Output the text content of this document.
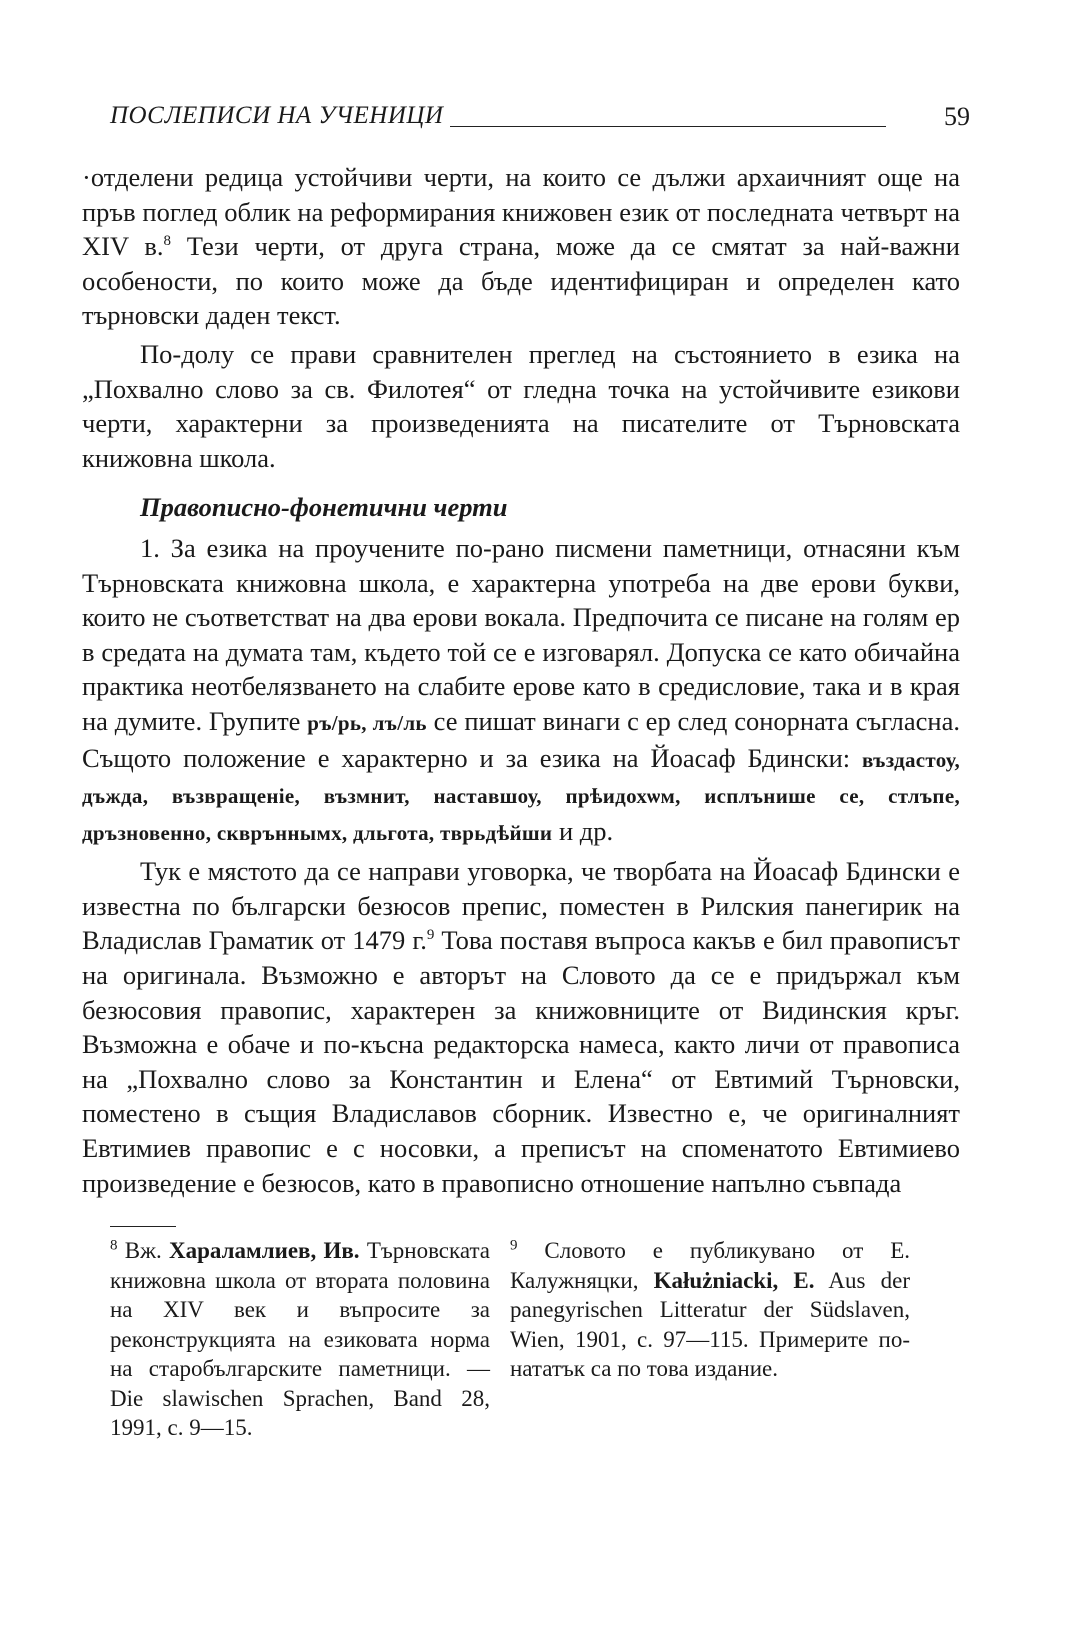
ПОСЛЕПИСИ НА УЧЕНИЦИ	59

·отделени редица устойчиви черти, на които се дължи архаичният още на пръв поглед облик на реформирания книжовен език от последната четвърт на XIV в.$^8$ Тези черти, от друга страна, може да се смятат за най-важни особености, по които може да бъде идентифициран и определен като търновски даден текст.

По-долу се прави сравнителен преглед на състоянието в езика на „Похвално слово за св. Филотея“ от гледна точка на устойчивите езикови черти, характерни за произведенията на писателите от Търновската книжовна школа.

Правописно-фонетични черти

1. За езика на проучените по-рано писмени паметници, отнасяни към Търновската книжовна школа, е характерна употреба на две ерови букви, които не съответстват на два ерови вокала. Предпочита се писане на голям ер в средата на думата там, където той се е изговарял. Допуска се като обичайна практика неотбелязването на слабите ерове като в средисловие, така и в края на думите. Групите ръ/рь, лъ/ль се пишат винаги с ер след сонорната съгласна. Същото положение е характерно и за езика на Йоасаф Бдински: въздастоу, дъжда, възвращеніе, възмнит, наставшоу, прѣидохѡм, исплънише се, стлъпе, дръзновенно, сквръннымх, дльгота, тврьдѣйши и др.

Тук е мястото да се направи уговорка, че творбата на Йоасаф Бдински е известна по български безюсов препис, поместен в Рилския панегирик на Владислав Граматик от 1479 г.$^9$ Това поставя въпроса какъв е бил правописът на оригинала. Възможно е авторът на Словото да се е придържал към безюсовия правопис, характерен за книжовниците от Видинския кръг. Възможна е обаче и по-късна редакторска намеса, както личи от правописа на „Похвално слово за Константин и Елена“ от Евтимий Търновски, поместено в същия Владиславов сборник. Известно е, че оригиналният Евтимиев правопис е с носовки, а преписът на споменатото Евтимиево произведение е безюсов, като в правописно отношение напълно съвпада

$^8$ Вж. Хараламлиев, Ив. Търновската книжовна школа от втората половина на XIV век и въпросите за реконструкцията на езиковата норма на старобългарските паметници. — Die slawischen Sprachen, Band 28, 1991, c. 9—15.
$^9$ Словото е публикувано от Е. Калужняцки, Kałużniacki, E. Aus der panegyrischen Litteratur der Südslaven, Wien, 1901, c. 97—115. Примерите по-нататък са по това издание.
